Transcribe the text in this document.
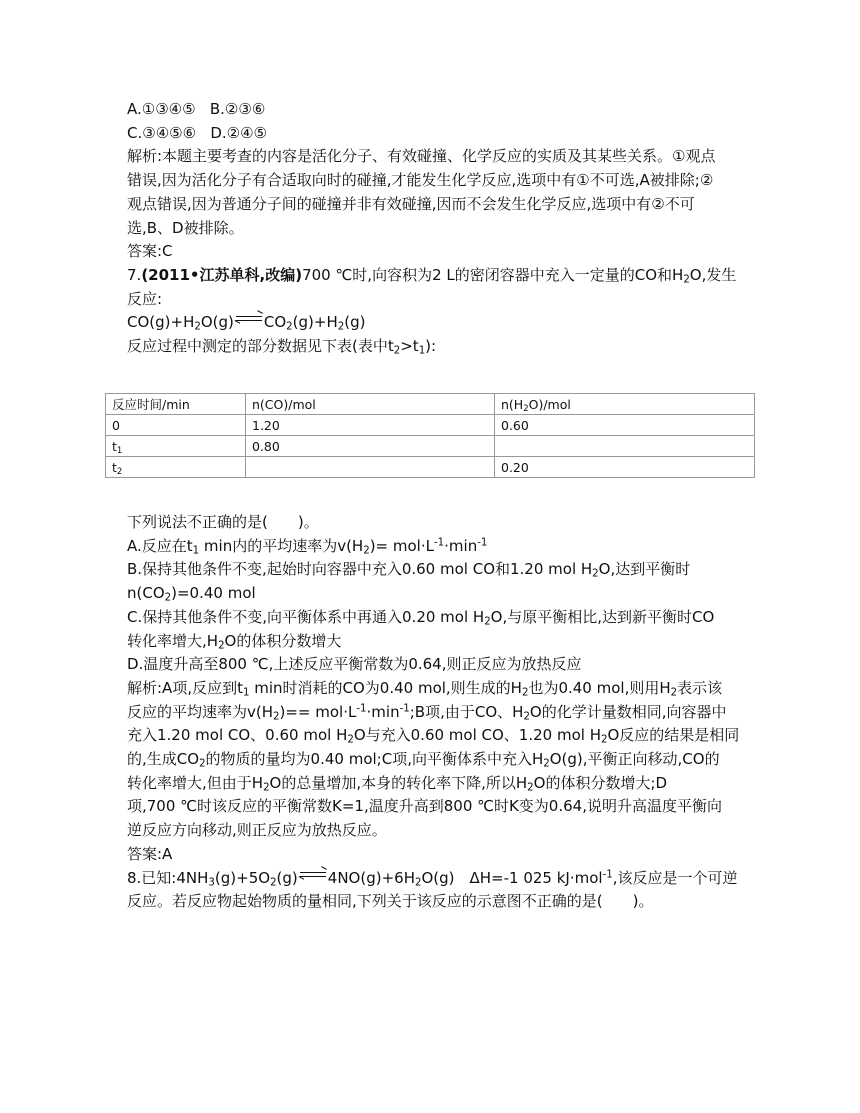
A.①③④⑤ B.②③⑥
C.③④⑤⑥ D.②④⑤
解析:本题主要考查的内容是活化分子、有效碰撞、化学反应的实质及其某些关系。①观点
错误,因为活化分子有合适取向时的碰撞,才能发生化学反应,选项中有①不可选,A被排除;②
观点错误,因为普通分子间的碰撞并非有效碰撞,因而不会发生化学反应,选项中有②不可
选,B、D被排除。
答案:C
7.(2011•江苏单科,改编)700 ℃时,向容积为2 L的密闭容器中充入一定量的CO和$H_2O$,发生
反应:
$CO(g)+H_2O(g)$ $CO_2(g)+H_2(g)$
反应过程中测定的部分数据见下表(表中$t_2>t_1$):
反应时间/min	n(CO)/mol	$n(H_2O)$/mol
0	1.20	0.60
$t_1$	0.80	
$t_2$		0.20
下列说法不正确的是(　　)。
A.反应在$t_1$ min内的平均速率为$v(H_2)= mol\cdot L^{-1}\cdot\min^{-1}$
B.保持其他条件不变,起始时向容器中充入0.60 mol CO和1.20 mol $H_2O$,达到平衡时
$n(CO_2)=0.40$ mol
C.保持其他条件不变,向平衡体系中再通入0.20 mol $H_2O$,与原平衡相比,达到新平衡时CO
转化率增大$,H_2O$的体积分数增大
D.温度升高至800 ℃,上述反应平衡常数为0.64,则正反应为放热反应
解析:A项,反应到$t_1$ min时消耗的CO为0.40 mol,则生成的$H_2$也为0.40 mol,则用$H_2$表示该
反应的平均速率为$v(H_2)==$ $mol\cdot L^{-1}\cdot\min^{-1};B$项,由于CO、$H_2O$的化学计量数相同,向容器中
充入1.20 mol CO、0.60 mol $H_2O$与充入0.60 mol CO、1.20 mol $H_2O$反应的结果是相同
的,生成$CO_2$的物质的量均为0.40 mol;C项,向平衡体系中充入$H_2O(g)$,平衡正向移动,CO的
转化率增大,但由于$H_2O$的总量增加,本身的转化率下降,所以$H_2O$的体积分数增大;D
项,700 ℃时该反应的平衡常数K=1,温度升高到800 ℃时K变为0.64,说明升高温度平衡向
逆反应方向移动,则正反应为放热反应。
答案:A
8.已知$:4NH_3(g)+5O_2(g)$ $4NO(g)+6H_2O(g)$　ΔH=-1 025 kJ·mol$^{-1}$,该反应是一个可逆
反应。若反应物起始物质的量相同,下列关于该反应的示意图不正确的是(　　)。
